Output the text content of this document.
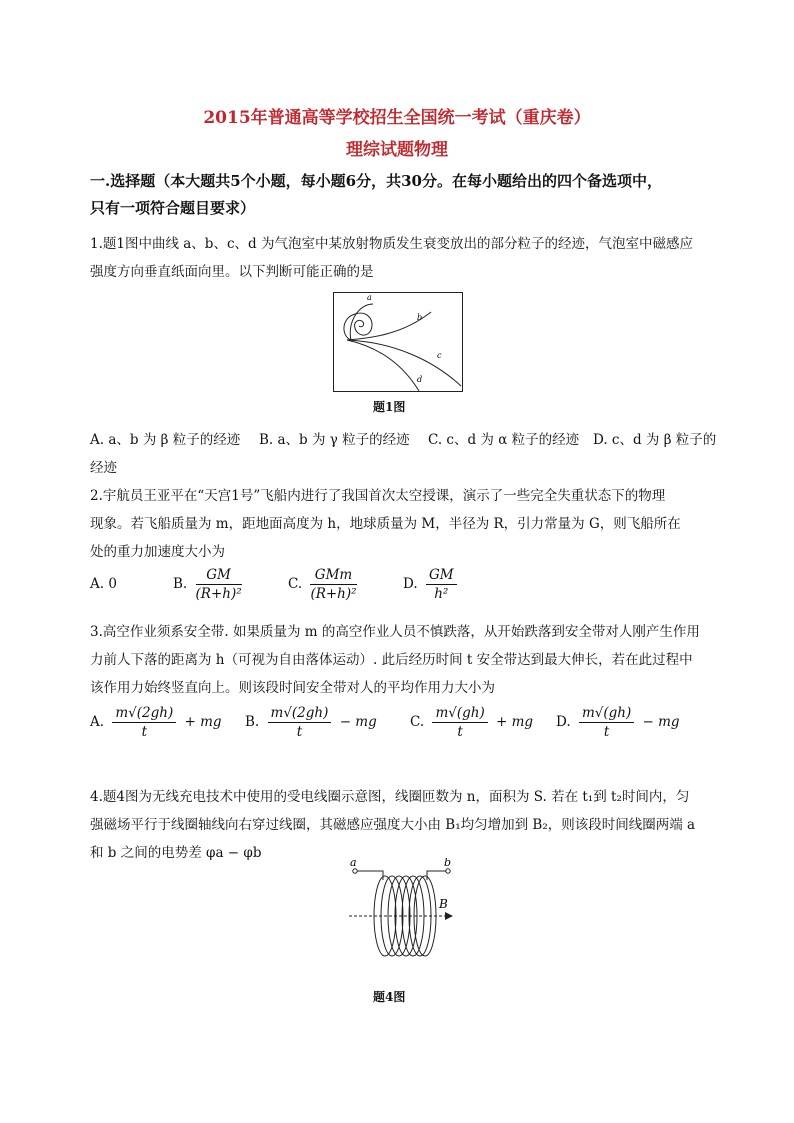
2015年普通高等学校招生全国统一考试（重庆卷）
理综试题物理
一.选择题（本大题共5个小题，每小题6分，共30分。在每小题给出的四个备选项中，
只有一项符合题目要求）
1.题1图中曲线 a、b、c、d 为气泡室中某放射物质发生衰变放出的部分粒子的经迹，气泡室中磁感应
强度方向垂直纸面向里。以下判断可能正确的是
a
b
c
d
题1图
A. a、b 为 β 粒子的经迹 B. a、b 为 γ 粒子的经迹 C. c、d 为 α 粒子的经迹 D. c、d 为 β 粒子的
经迹
2.宇航员王亚平在“天宫1号”飞船内进行了我国首次太空授课，演示了一些完全失重状态下的物理
现象。若飞船质量为 m，距地面高度为 h，地球质量为 M，半径为 R，引力常量为 G，则飞船所在
处的重力加速度大小为
A. 0	B. $\frac{GM}{\text{(R+h)²}}$	C. $\frac{\text{GMm}}{\text{(R+h)²}}$	D. $\frac{GM}{\text{h²}}$
3.高空作业须系安全带. 如果质量为 m 的高空作业人员不慎跌落，从开始跌落到安全带对人刚产生作用
力前人下落的距离为 h（可视为自由落体运动）. 此后经历时间 t 安全带达到最大伸长，若在此过程中
该作用力始终竖直向上。则该段时间安全带对人的平均作用力大小为
A. $\frac{m√(2gh)}{t}$ + mg B. $\frac{m√(2gh)}{t}$ − mg C. $\frac{m√(gh)}{t}$ + mg D. $\frac{m√(gh)}{t}$ − mg
4.题4图为无线充电技术中使用的受电线圈示意图，线圈匝数为 n，面积为 S. 若在 t₁到 t₂时间内，匀
强磁场平行于线圈轴线向右穿过线圈，其磁感应强度大小由 B₁均匀增加到 B₂，则该段时间线圈两端 a
和 b 之间的电势差 φa − φb
a	b
B
题4图
